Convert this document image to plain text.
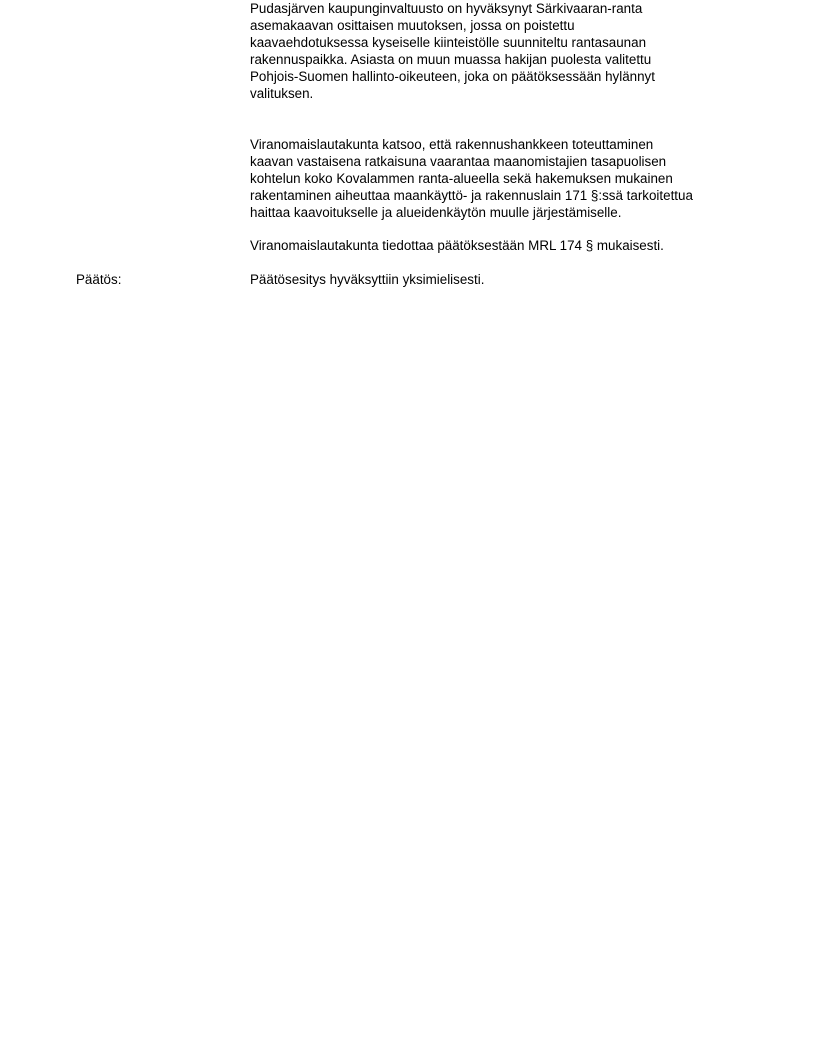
Pudasjärven kaupunginvaltuusto on hyväksynyt Särkivaaran-ranta
asemakaavan osittaisen muutoksen, jossa on poistettu
kaavaehdotuksessa kyseiselle kiinteistölle suunniteltu rantasaunan
rakennuspaikka. Asiasta on muun muassa hakijan puolesta valitettu
Pohjois-Suomen hallinto-oikeuteen, joka on päätöksessään hylännyt
valituksen.

Viranomaislautakunta katsoo, että rakennushankkeen toteuttaminen
kaavan vastaisena ratkaisuna vaarantaa maanomistajien tasapuolisen
kohtelun koko Kovalammen ranta-alueella sekä hakemuksen mukainen
rakentaminen aiheuttaa maankäyttö- ja rakennuslain 171 §:ssä tarkoitettua
haittaa kaavoitukselle ja alueidenkäytön muulle järjestämiselle.

Viranomaislautakunta tiedottaa päätöksestään MRL 174 § mukaisesti.

Päätös:	Päätösesitys hyväksyttiin yksimielisesti.
